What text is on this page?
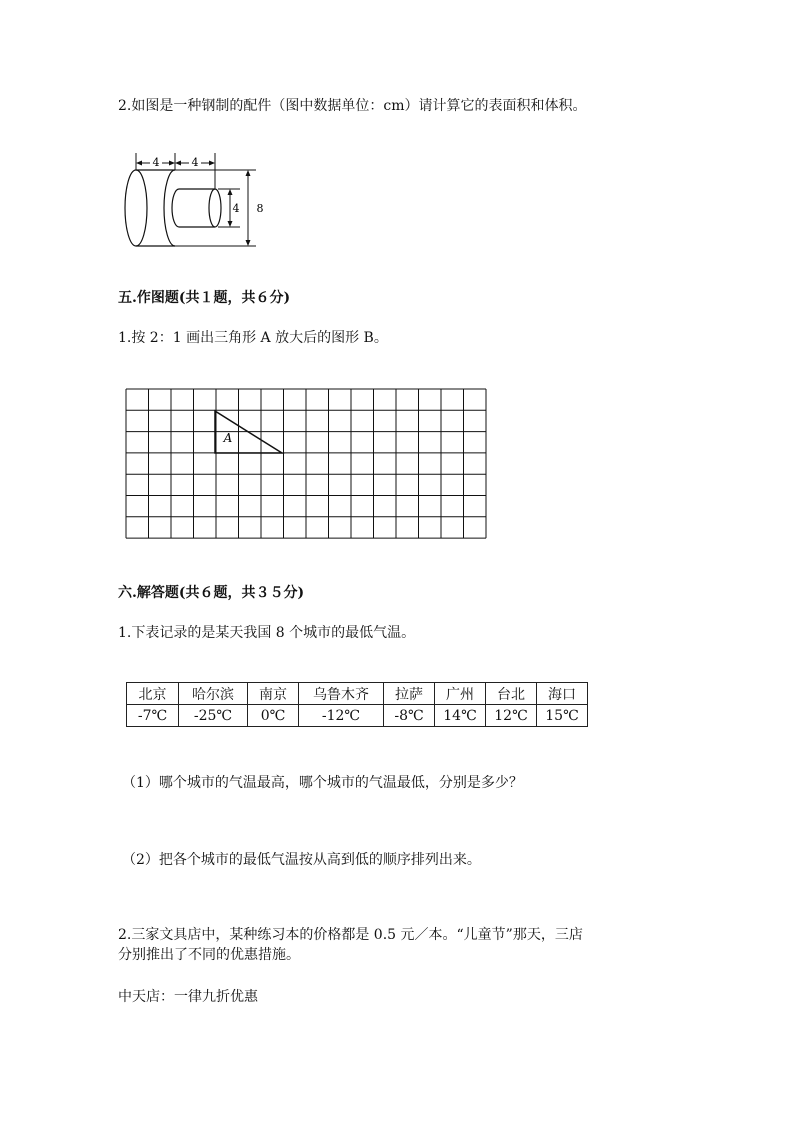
2.如图是一种钢制的配件（图中数据单位：cm）请计算它的表面积和体积。
4	4
4 8
五.作图题(共１题，共６分)
1.按 2：1 画出三角形 A 放大后的图形 B。
A
六.解答题(共６题，共３５分)
1.下表记录的是某天我国 8 个城市的最低气温。
北京	哈尔滨	南京	乌鲁木齐	拉萨	广州	台北	海口
-7℃	-25℃	0℃	-12℃	-8℃	14℃	12℃	15℃
（1）哪个城市的气温最高，哪个城市的气温最低，分别是多少？
（2）把各个城市的最低气温按从高到低的顺序排列出来。
2.三家文具店中，某种练习本的价格都是 0.5 元／本。“儿童节”那天，三店
分别推出了不同的优惠措施。
中天店：一律九折优惠
